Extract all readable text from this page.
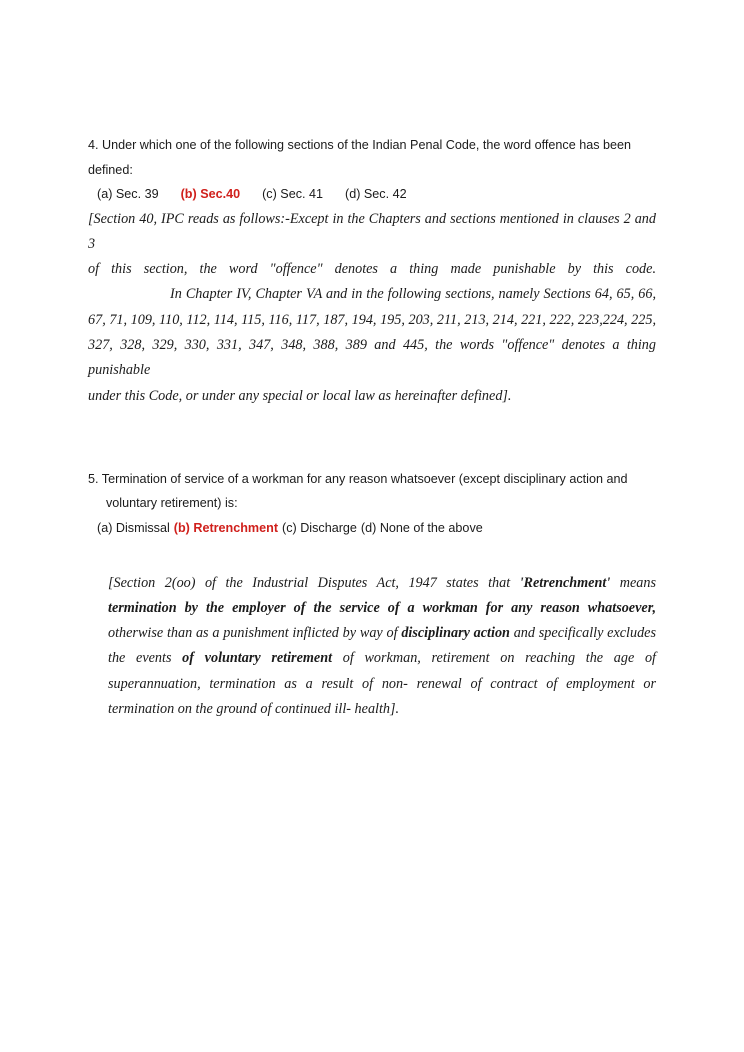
4. Under which one of the following sections of the Indian Penal Code, the word offence has been
defined:
(a) Sec. 39 (b) Sec.40 (c) Sec. 41 (d) Sec. 42
[Section 40, IPC reads as follows:-Except in the Chapters and sections mentioned in clauses 2 and 3
of this section, the word "offence" denotes a thing made punishable by this code.
In Chapter IV, Chapter VA and in the following sections, namely Sections 64, 65, 66,
67, 71, 109, 110, 112, 114, 115, 116, 117, 187, 194, 195, 203, 211, 213, 214, 221, 222, 223,224, 225,
327, 328, 329, 330, 331, 347, 348, 388, 389 and 445, the words "offence" denotes a thing punishable
under this Code, or under any special or local law as hereinafter defined].
5. Termination of service of a workman for any reason whatsoever (except disciplinary action and
voluntary retirement) is:
(a) Dismissal (b) Retrenchment (c) Discharge (d) None of the above

[Section 2(oo) of the Industrial Disputes Act, 1947 states that 'Retrenchment' means termination by the employer of the service of a workman for any reason whatsoever, otherwise than as a punishment inflicted by way of disciplinary action and specifically excludes the events of voluntary retirement of workman, retirement on reaching the age of superannuation, termination as a result of non- renewal of contract of employment or termination on the ground of continued ill- health].
